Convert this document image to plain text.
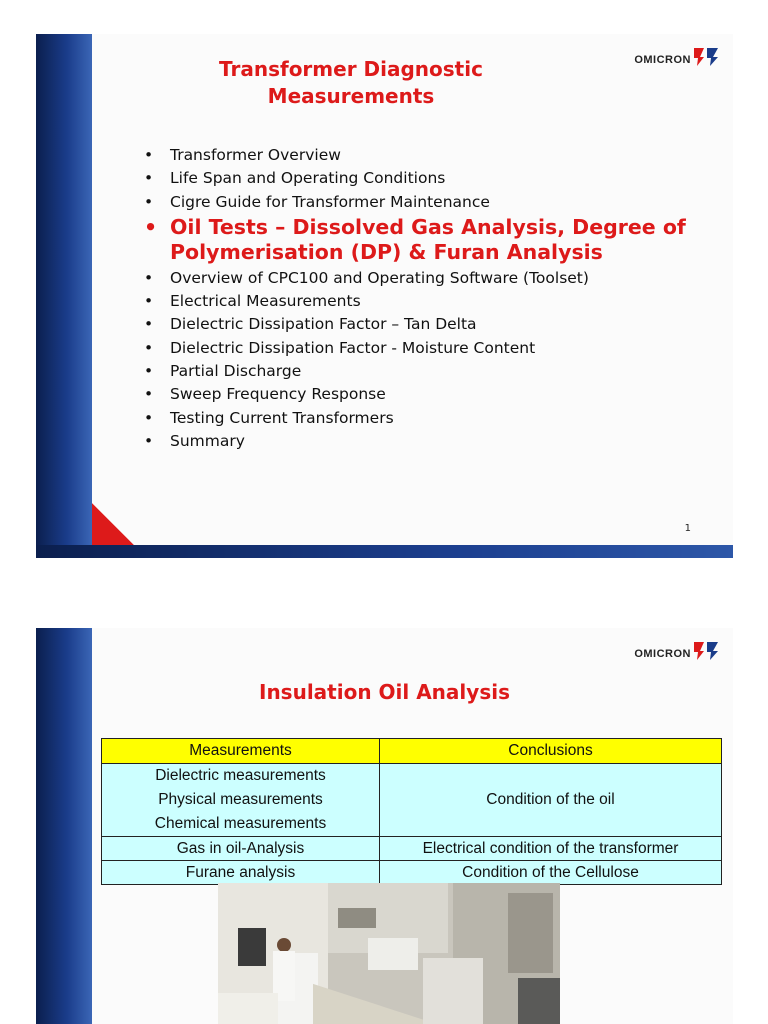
OMICRON
Transformer Diagnostic
Measurements
• Transformer Overview
• Life Span and Operating Conditions
• Cigre Guide for Transformer Maintenance
• Oil Tests – Dissolved Gas Analysis, Degree of Polymerisation (DP) & Furan Analysis
• Overview of CPC100 and Operating Software (Toolset)
• Electrical Measurements
• Dielectric Dissipation Factor – Tan Delta
• Dielectric Dissipation Factor - Moisture Content
• Partial Discharge
• Sweep Frequency Response
• Testing Current Transformers
• Summary
1
OMICRON
Insulation Oil Analysis
Measurements	Conclusions

Dielectric measurements
Physical measurements
Chemical measurements	Condition of the oil
Gas in oil-Analysis	Electrical condition of the transformer
Furane analysis	Condition of the Cellulose
